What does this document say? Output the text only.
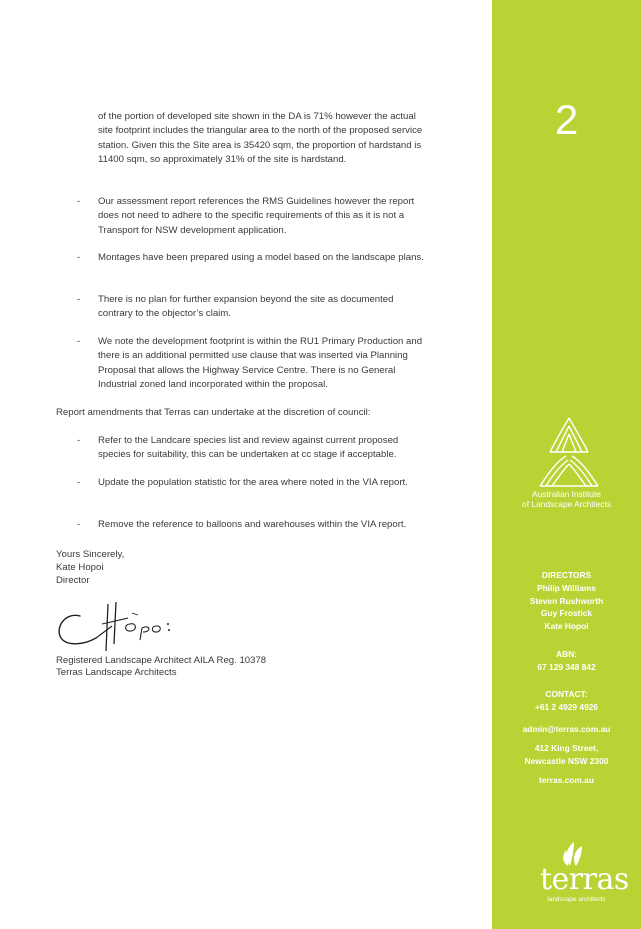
of the portion of developed site shown in the DA is 71% however the actual site footprint includes the triangular area to the north of the proposed service station. Given this the Site area is 35420 sqm, the proportion of hardstand is 11400 sqm, so approximately 31% of the site is hardstand.

-	Our assessment report references the RMS Guidelines however the report does not need to adhere to the specific requirements of this as it is not a Transport for NSW development application.
-	Montages have been prepared using a model based on the landscape plans.
-	There is no plan for further expansion beyond the site as documented contrary to the objector’s claim.
-	We note the development footprint is within the RU1 Primary Production and there is an additional permitted use clause that was inserted via Planning Proposal that allows the Highway Service Centre. There is no General Industrial zoned land incorporated within the proposal.

Report amendments that Terras can undertake at the discretion of council:

-	Refer to the Landcare species list and review against current proposed species for suitability, this can be undertaken at cc stage if acceptable.
-	Update the population statistic for the area where noted in the VIA report.
-	Remove the reference to balloons and warehouses within the VIA report.
Yours Sincerely,
Kate Hopoi
Director
Registered Landscape Architect AILA Reg. 10378
Terras Landscape Architects
2
Australian Institute
of Landscape Architects
DIRECTORS
Philip Williams
Steven Rushworth
Guy Frostick
Kate Hopoi
ABN:
67 129 348 842
CONTACT:
+61 2 4929 4926
admin@terras.com.au
412 King Street,
Newcastle NSW 2300
terras.com.au
terras
landscape architects
